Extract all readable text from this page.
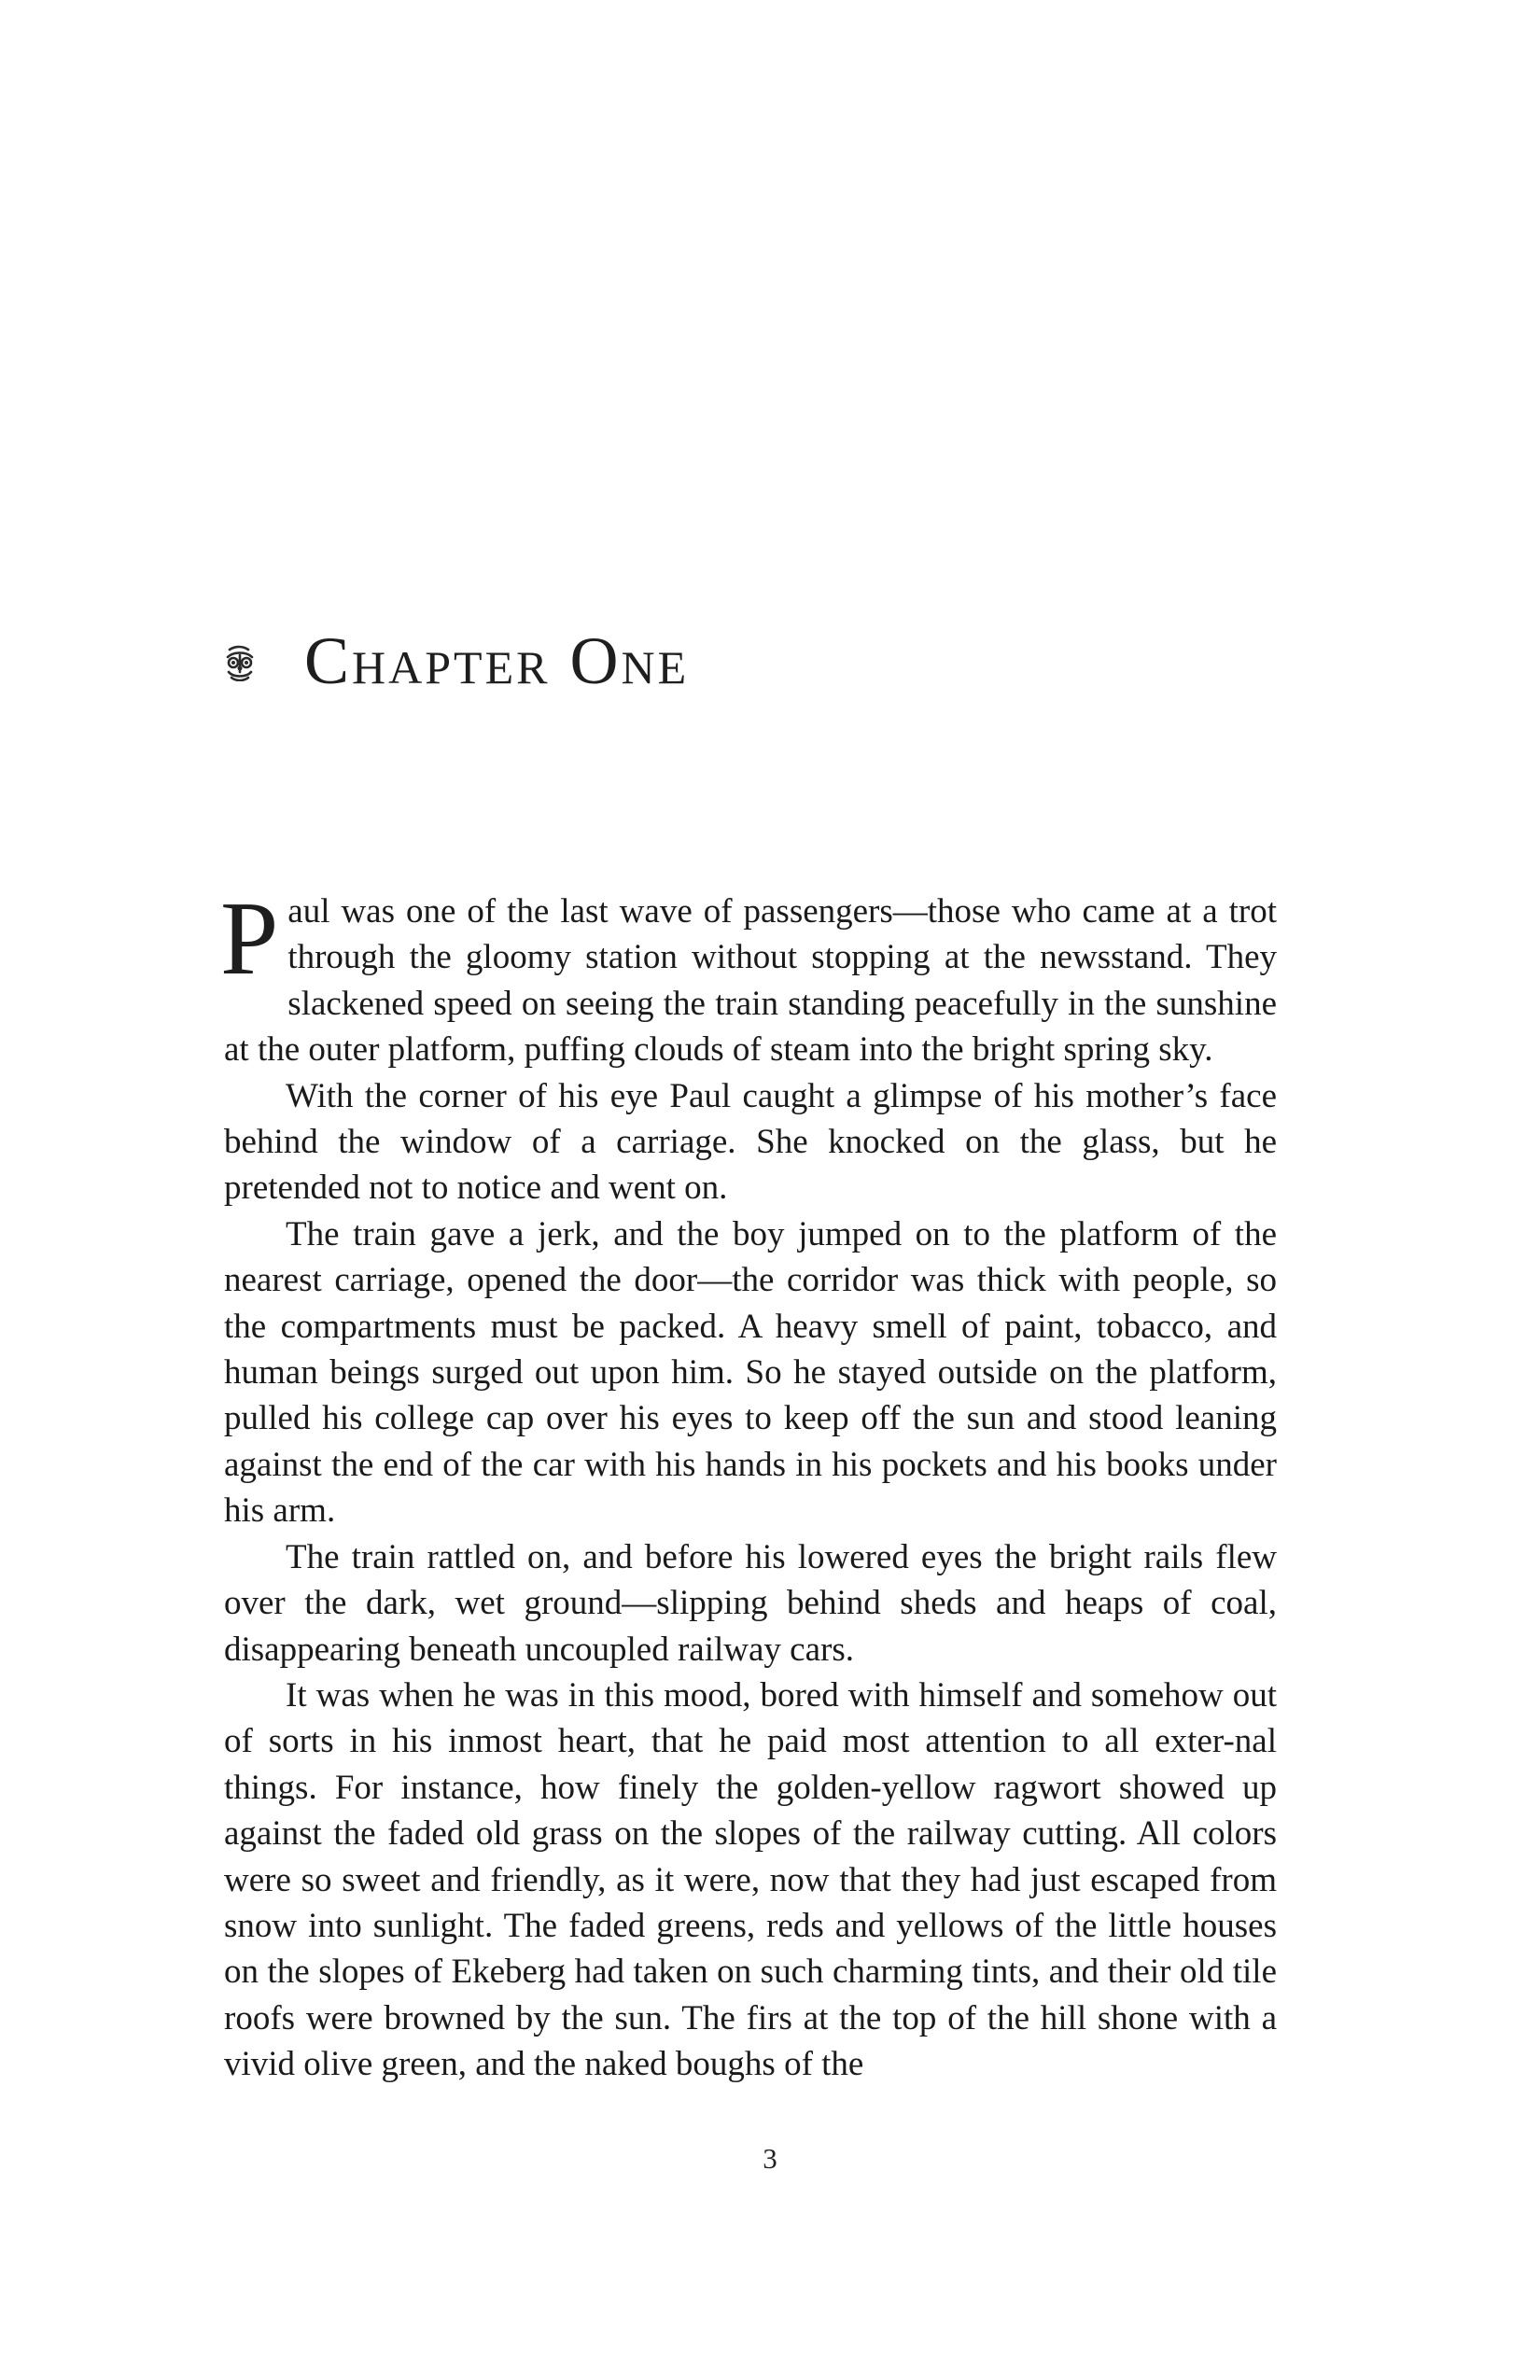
Chapter One

Paul was one of the last wave of passengers—those who came at a trot through the gloomy station without stopping at the newsstand. They slackened speed on seeing the train standing peacefully in the sunshine at the outer platform, puffing clouds of steam into the bright spring sky.

With the corner of his eye Paul caught a glimpse of his mother’s face behind the window of a carriage. She knocked on the glass, but he pretended not to notice and went on.

The train gave a jerk, and the boy jumped on to the platform of the nearest carriage, opened the door—the corridor was thick with people, so the compartments must be packed. A heavy smell of paint, tobacco, and human beings surged out upon him. So he stayed outside on the platform, pulled his college cap over his eyes to keep off the sun and stood leaning against the end of the car with his hands in his pockets and his books under his arm.

The train rattled on, and before his lowered eyes the bright rails flew over the dark, wet ground—slipping behind sheds and heaps of coal, disappearing beneath uncoupled railway cars.

It was when he was in this mood, bored with himself and somehow out of sorts in his inmost heart, that he paid most attention to all exter-nal things. For instance, how finely the golden-yellow ragwort showed up against the faded old grass on the slopes of the railway cutting. All colors were so sweet and friendly, as it were, now that they had just escaped from snow into sunlight. The faded greens, reds and yellows of the little houses on the slopes of Ekeberg had taken on such charming tints, and their old tile roofs were browned by the sun. The firs at the top of the hill shone with a vivid olive green, and the naked boughs of the

3
